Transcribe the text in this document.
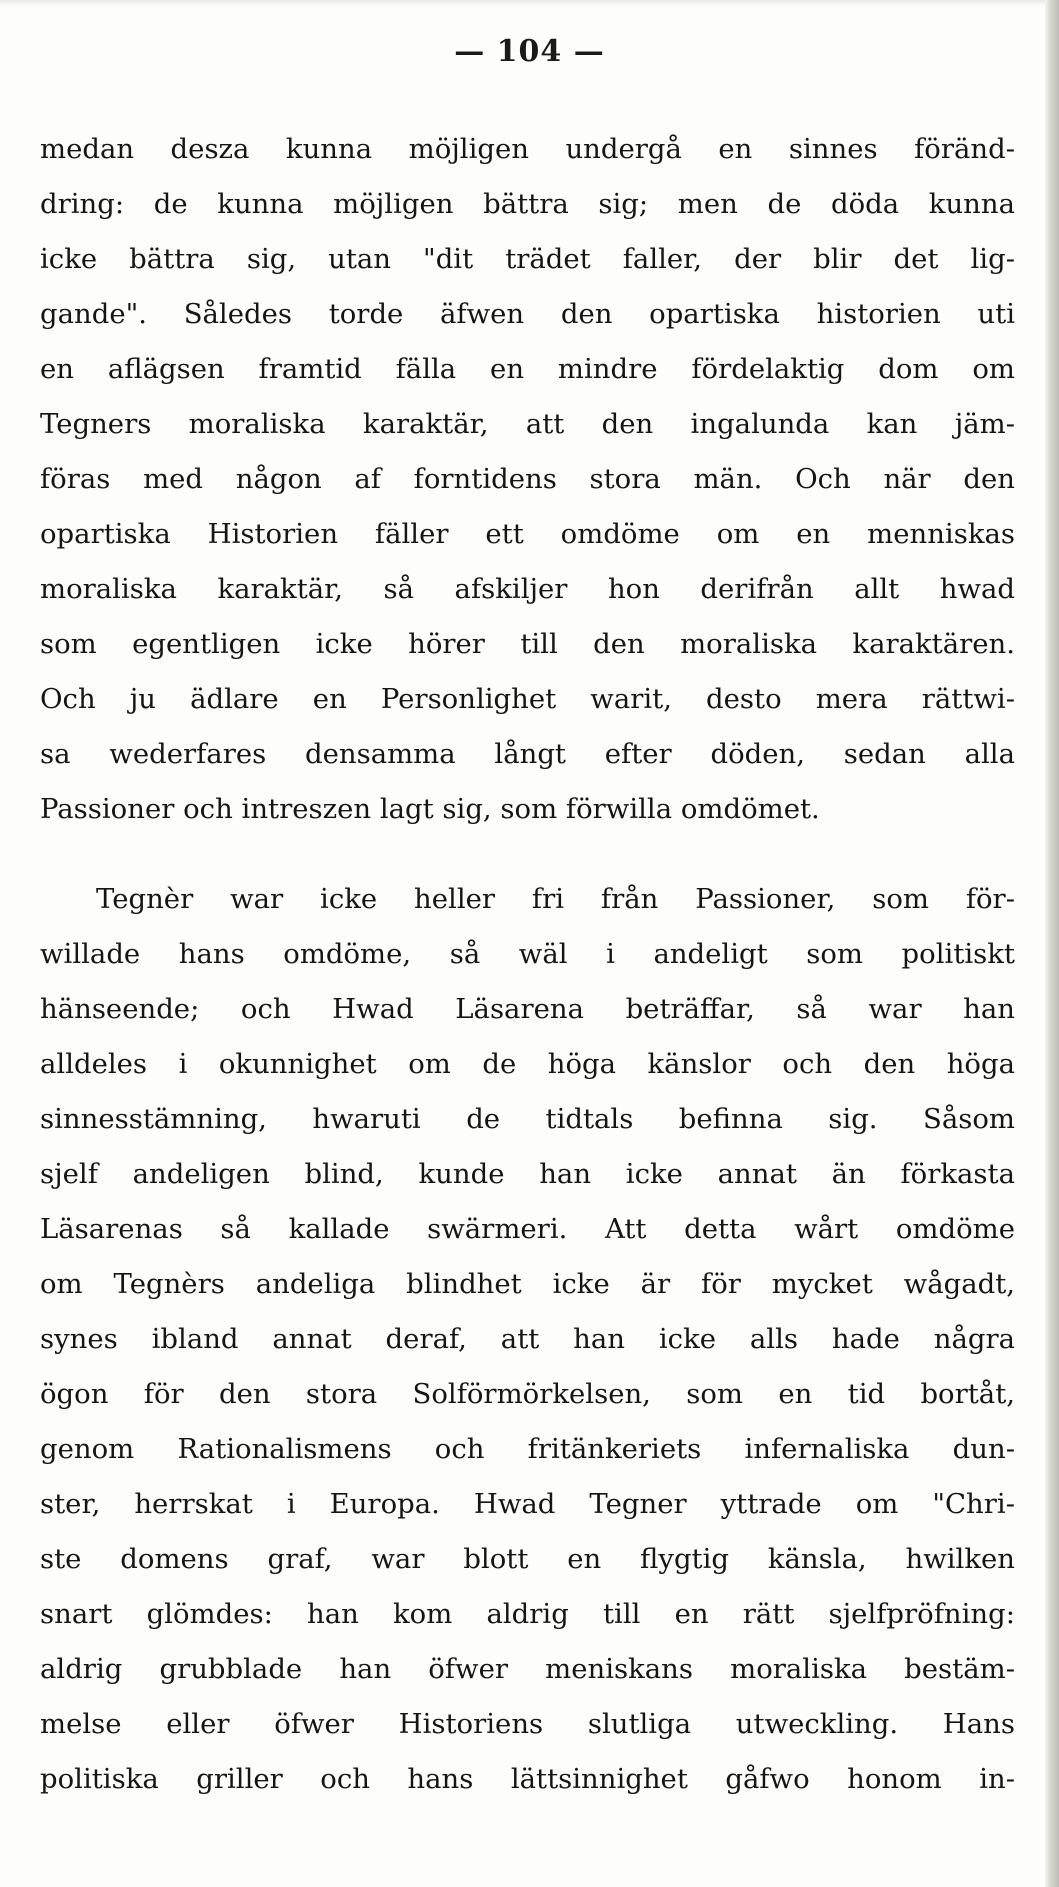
— 104 —
medan desza kunna möjligen undergå en sinnes föränd-
dring: de kunna möjligen bättra sig; men de döda kunna
icke bättra sig, utan "dit trädet faller, der blir det lig-
gande". Således torde äfwen den opartiska historien uti
en aflägsen framtid fälla en mindre fördelaktig dom om
Tegners moraliska karaktär, att den ingalunda kan jäm-
föras med någon af forntidens stora män. Och när den
opartiska Historien fäller ett omdöme om en menniskas
moraliska karaktär, så afskiljer hon derifrån allt hwad
som egentligen icke hörer till den moraliska karaktären.
Och ju ädlare en Personlighet warit, desto mera rättwi-
sa wederfares densamma långt efter döden, sedan alla
Passioner och intreszen lagt sig, som förwilla omdömet.
Tegnèr war icke heller fri från Passioner, som för-
willade hans omdöme, så wäl i andeligt som politiskt
hänseende; och Hwad Läsarena beträffar, så war han
alldeles i okunnighet om de höga känslor och den höga
sinnesstämning, hwaruti de tidtals befinna sig. Såsom
sjelf andeligen blind, kunde han icke annat än förkasta
Läsarenas så kallade swärmeri. Att detta wårt omdöme
om Tegnèrs andeliga blindhet icke är för mycket wågadt,
synes ibland annat deraf, att han icke alls hade några
ögon för den stora Solförmörkelsen, som en tid bortåt,
genom Rationalismens och fritänkeriets infernaliska dun-
ster, herrskat i Europa. Hwad Tegner yttrade om "Chri-
ste domens graf, war blott en flygtig känsla, hwilken
snart glömdes: han kom aldrig till en rätt sjelfpröfning:
aldrig grubblade han öfwer meniskans moraliska bestäm-
melse eller öfwer Historiens slutliga utweckling. Hans
politiska griller och hans lättsinnighet gåfwo honom in-
